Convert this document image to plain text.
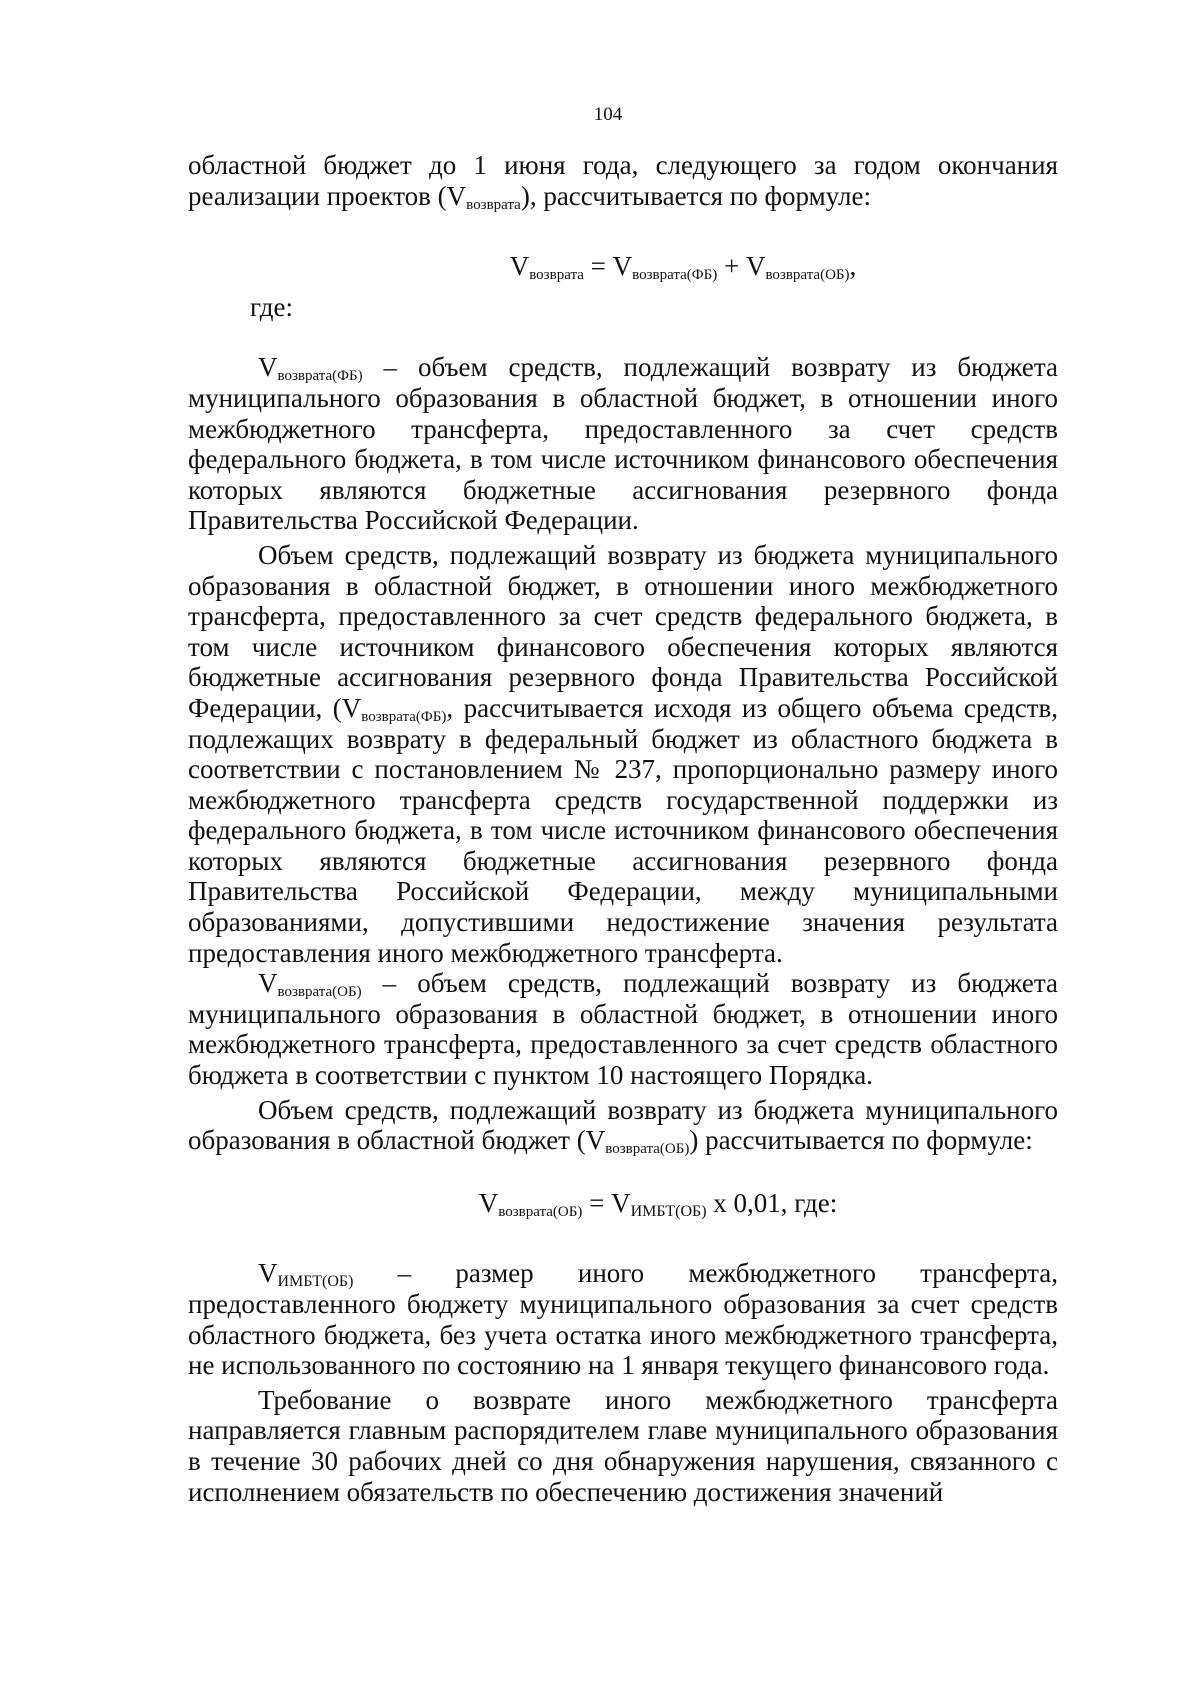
104

областной бюджет до 1 июня года, следующего за годом окончания реализации проектов $(V_{возврата})$, рассчитывается по формуле:

$V_{возврата} = V_{возврата(ФБ)} + V_{возврата(ОБ)}$,

где:

$V_{возврата(ФБ)}$ – объем средств, подлежащий возврату из бюджета муниципального образования в областной бюджет, в отношении иного межбюджетного трансферта, предоставленного за счет средств федерального бюджета, в том числе источником финансового обеспечения которых являются бюджетные ассигнования резервного фонда Правительства Российской Федерации.

Объем средств, подлежащий возврату из бюджета муниципального образования в областной бюджет, в отношении иного межбюджетного трансферта, предоставленного за счет средств федерального бюджета, в том числе источником финансового обеспечения которых являются бюджетные ассигнования резервного фонда Правительства Российской Федерации, ($V_{возврата(ФБ)}$, рассчитывается исходя из общего объема средств, подлежащих возврату в федеральный бюджет из областного бюджета в соответствии с постановлением № 237, пропорционально размеру иного межбюджетного трансферта средств государственной поддержки из федерального бюджета, в том числе источником финансового обеспечения которых являются бюджетные ассигнования резервного фонда Правительства Российской Федерации, между муниципальными образованиями, допустившими недостижение значения результата предоставления иного межбюджетного трансферта.

$V_{возврата(ОБ)}$ – объем средств, подлежащий возврату из бюджета муниципального образования в областной бюджет, в отношении иного межбюджетного трансферта, предоставленного за счет средств областного бюджета в соответствии с пунктом 10 настоящего Порядка.

Объем средств, подлежащий возврату из бюджета муниципального образования в областной бюджет $(V_{возврата(ОБ)})$ рассчитывается по формуле:

$V_{возврата(ОБ)} = V_{ИМБТ(ОБ)}$ x 0,01, где:

$V_{ИМБТ(ОБ)}$ – размер иного межбюджетного трансферта, предоставленного бюджету муниципального образования за счет средств областного бюджета, без учета остатка иного межбюджетного трансферта, не использованного по состоянию на 1 января текущего финансового года.

Требование о возврате иного межбюджетного трансферта направляется главным распорядителем главе муниципального образования в течение 30 рабочих дней со дня обнаружения нарушения, связанного с исполнением обязательств по обеспечению достижения значений
